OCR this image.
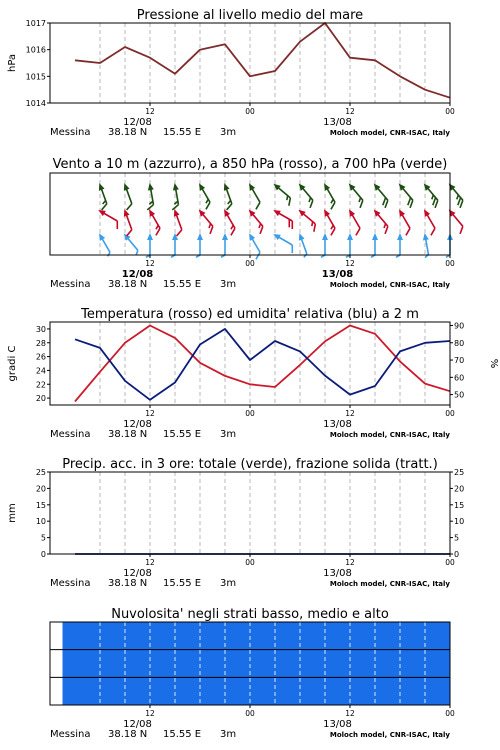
Pressione al livello medio del mare
1014
1015
1016
1017
hPa
12	00	12	00
12/08	13/08
Messina 38.18 N 15.55 E 3m	Moloch model, CNR-ISAC, Italy
Vento a 10 m (azzurro), a 850 hPa (rosso), a 700 hPa (verde)
12	00	12	00
12/08	13/08
Messina 38.18 N 15.55 E 3m	Moloch model, CNR-ISAC, Italy
Temperatura (rosso) ed umidita' relativa (blu) a 2 m
20
22
24
26
28
30
50
60
70
80
90
gradi C	%
12	00	12	00
12/08	13/08
Messina 38.18 N 15.55 E 3m	Moloch model, CNR-ISAC, Italy
Precip. acc. in 3 ore: totale (verde), frazione solida (tratt.)
0
5
10
15
20
25
0
5
10
15
20
25
mm
12	00	12	00
12/08	13/08
Messina 38.18 N 15.55 E 3m	Moloch model, CNR-ISAC, Italy
Nuvolosita' negli strati basso, medio e alto
12	00	12	00
12/08	13/08
Messina 38.18 N 15.55 E 3m	Moloch model, CNR-ISAC, Italy
